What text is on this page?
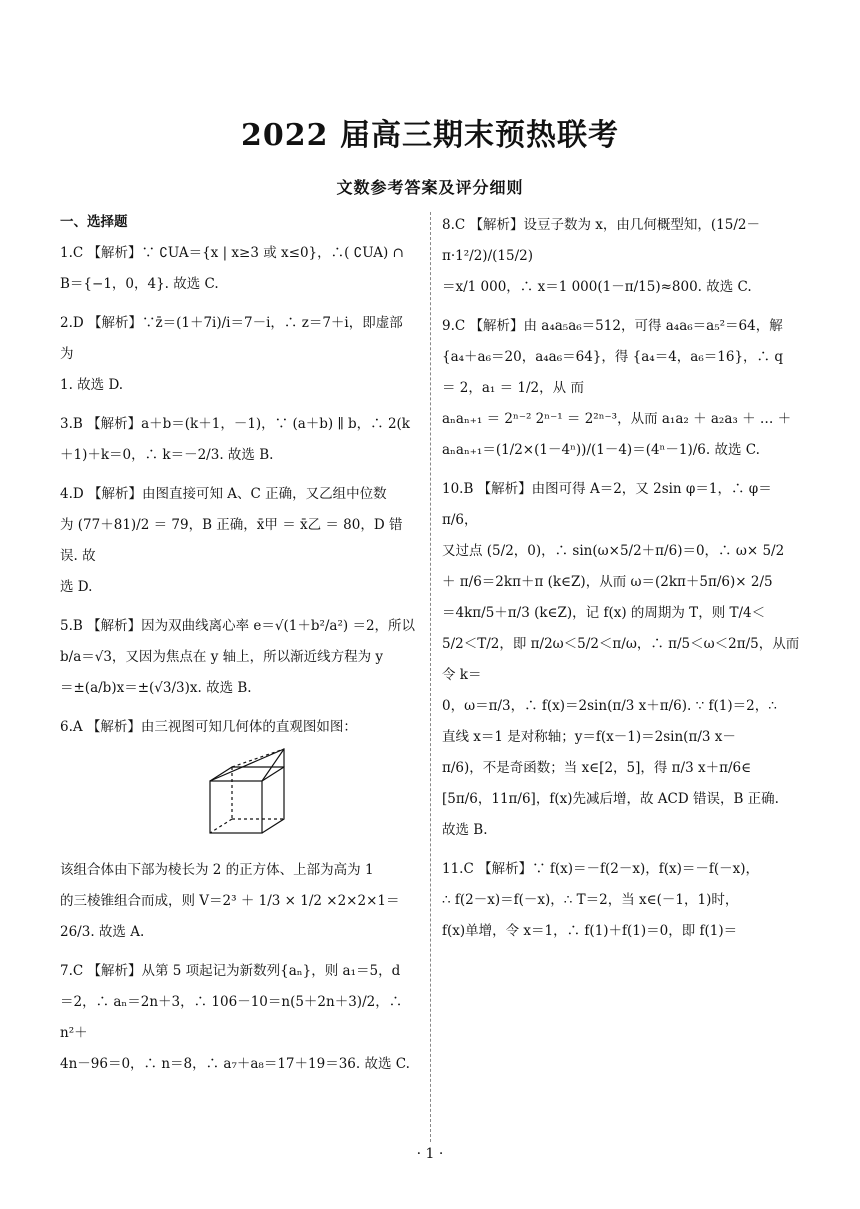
2022 届高三期末预热联考
文数参考答案及评分细则
一、选择题

1.C 【解析】∵ ∁UA＝{x | x≥3 或 x≤0}，∴( ∁UA) ∩

B＝{−1，0，4}. 故选 C.

2.D 【解析】∵z̄＝(1＋7i)/i＝7－i，∴ z＝7＋i，即虚部为

1. 故选 D.

3.B 【解析】a＋b＝(k＋1，－1)，∵ (a＋b) ∥ b，∴ 2(k

＋1)＋k＝0，∴ k＝－2/3. 故选 B.

4.D 【解析】由图直接可知 A、C 正确，又乙组中位数

为 (77＋81)/2 ＝ 79，B 正确，x̄甲 ＝ x̄乙 ＝ 80，D 错误. 故

选 D.

5.B 【解析】因为双曲线离心率 e＝√(1＋b²/a²) ＝2，所以

b/a＝√3，又因为焦点在 y 轴上，所以渐近线方程为 y

＝±(a/b)x＝±(√3/3)x. 故选 B.

6.A 【解析】由三视图可知几何体的直观图如图：

该组合体由下部为棱长为 2 的正方体、上部为高为 1

的三棱锥组合而成，则 V＝2³ ＋ 1/3 × 1/2 ×2×2×1＝

26/3. 故选 A.

7.C 【解析】从第 5 项起记为新数列{aₙ}，则 a₁＝5，d

＝2，∴ aₙ＝2n＋3，∴ 106－10＝n(5＋2n＋3)/2，∴ n²＋

4n－96＝0，∴ n＝8，∴ a₇＋a₈＝17＋19＝36. 故选 C.

8.C 【解析】设豆子数为 x，由几何概型知，(15/2－π·1²/2)/(15/2)

＝x/1 000，∴ x＝1 000(1－π/15)≈800. 故选 C.

9.C 【解析】由 a₄a₅a₆＝512，可得 a₄a₆＝a₅²＝64，解

{a₄＋a₆＝20，a₄a₆＝64}，得 {a₄＝4，a₆＝16}，∴ q ＝ 2，a₁ ＝ 1/2，从 而

aₙaₙ₊₁ ＝ 2ⁿ⁻² 2ⁿ⁻¹ ＝ 2²ⁿ⁻³，从而 a₁a₂ ＋ a₂a₃ ＋ … ＋

aₙaₙ₊₁＝(1/2×(1－4ⁿ))/(1－4)＝(4ⁿ－1)/6. 故选 C.

10.B 【解析】由图可得 A＝2，又 2sin φ＝1，∴ φ＝π/6，

又过点 (5/2，0)，∴ sin(ω×5/2＋π/6)＝0，∴ ω× 5/2

＋ π/6＝2kπ＋π (k∈Z)，从而 ω＝(2kπ＋5π/6)× 2/5

＝4kπ/5＋π/3 (k∈Z)，记 f(x) 的周期为 T，则 T/4＜

5/2＜T/2，即 π/2ω＜5/2＜π/ω，∴ π/5＜ω＜2π/5，从而令 k＝

0，ω＝π/3，∴ f(x)＝2sin(π/3 x＋π/6). ∵ f(1)＝2，∴

直线 x＝1 是对称轴；y＝f(x－1)＝2sin(π/3 x－

π/6)，不是奇函数；当 x∈[2，5]，得 π/3 x＋π/6∈

[5π/6，11π/6]，f(x)先减后增，故 ACD 错误，B 正确.

故选 B.

11.C 【解析】∵ f(x)＝－f(2－x)，f(x)＝－f(－x)，

∴ f(2－x)＝f(－x)，∴ T＝2，当 x∈(－1，1)时，

f(x)单增，令 x＝1，∴ f(1)＋f(1)＝0，即 f(1)＝

· 1 ·
